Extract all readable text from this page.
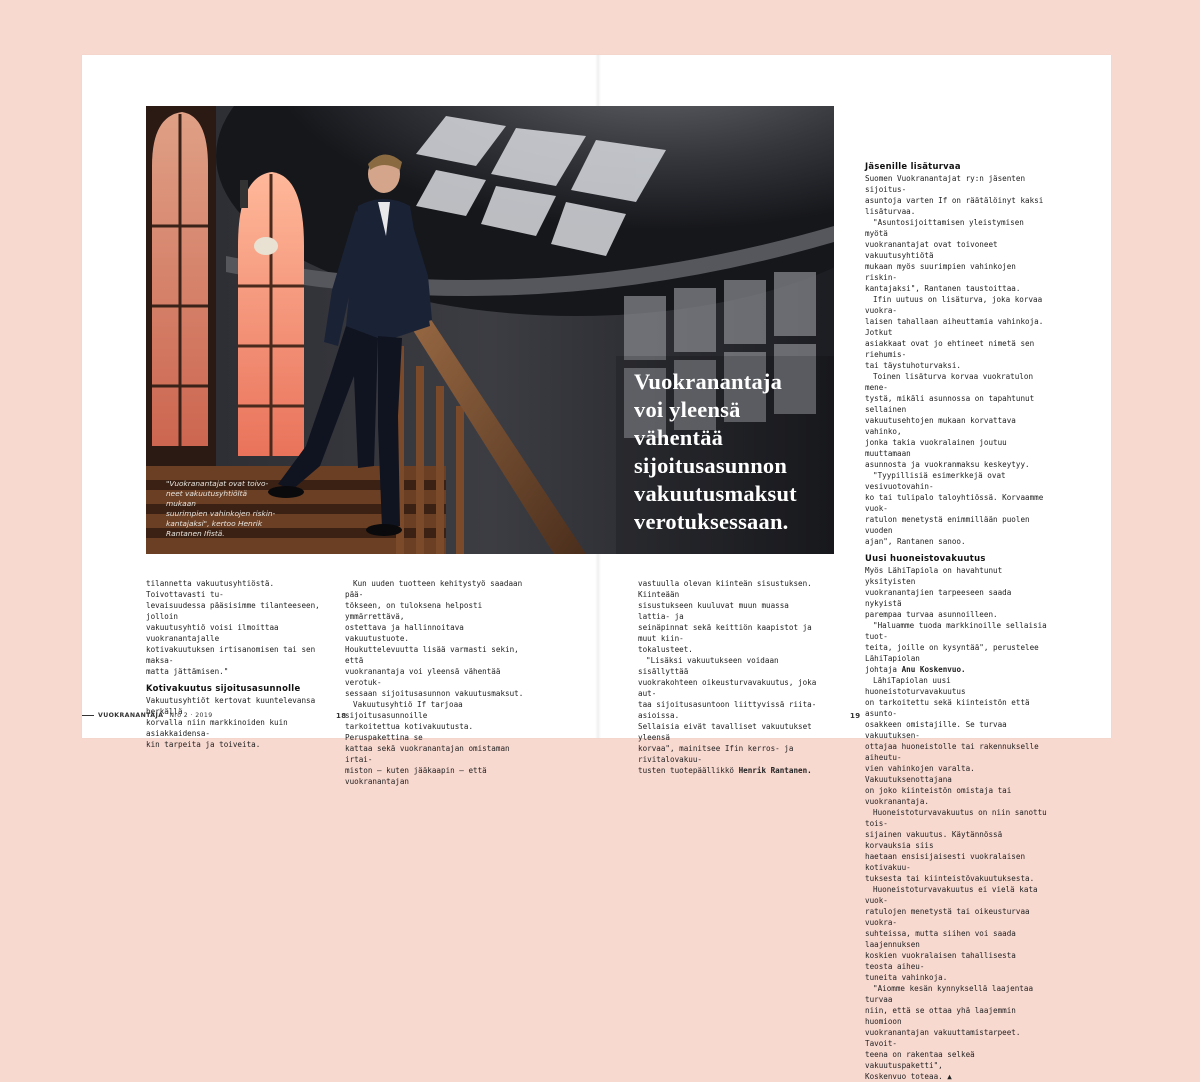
"Vuokranantajat ovat toivo-
neet vakuutusyhtiöltä mukaan
suurimpien vahinkojen riskin-
kantajaksi", kertoo Henrik
Rantanen Ifistä.
Vuokranantaja
voi yleensä
vähentää
sijoitusasunnon
vakuutusmaksut
verotuksessaan.

tilannetta vakuutusyhtiöstä. Toivottavasti tu-
levaisuudessa pääsisimme tilanteeseen, jolloin
vakuutusyhtiö voisi ilmoittaa vuokranantajalle
kotivakuutuksen irtisanomisen tai sen maksa-
matta jättämisen."

Kotivakuutus sijoitusasunnolle

Vakuutusyhtiöt kertovat kuuntelevansa herkällä
korvalla niin markkinoiden kuin asiakkaidensa-
kin tarpeita ja toiveita.

Kun uuden tuotteen kehitystyö saadaan pää-
tökseen, on tuloksena helposti ymmärrettävä,
ostettava ja hallinnoitava vakuutustuote.
Houkuttelevuutta lisää varmasti sekin, että
vuokranantaja voi yleensä vähentää verotuk-
sessaan sijoitusasunnon vakuutusmaksut.

Vakuutusyhtiö If tarjoaa sijoitusasunnoille
tarkoitettua kotivakuutusta. Peruspakettina se
kattaa sekä vuokranantajan omistaman irtai-
miston – kuten jääkaapin – että vuokranantajan

vastuulla olevan kiinteän sisustuksen. Kiinteään
sisustukseen kuuluvat muun muassa lattia- ja
seinäpinnat sekä keittiön kaapistot ja muut kiin-
tokalusteet.

"Lisäksi vakuutukseen voidaan sisällyttää
vuokrakohteen oikeusturvavakuutus, joka aut-
taa sijoitusasuntoon liittyvissä riita-asioissa.
Sellaisia eivät tavalliset vakuutukset yleensä
korvaa", mainitsee Ifin kerros- ja rivitalovakuu-
tusten tuotepäällikkö Henrik Rantanen.

Jäsenille lisäturvaa

Suomen Vuokranantajat ry:n jäsenten sijoitus-
asuntoja varten If on räätälöinyt kaksi lisäturvaa.

"Asuntosijoittamisen yleistymisen myötä
vuokranantajat ovat toivoneet vakuutusyhtiötä
mukaan myös suurimpien vahinkojen riskin-
kantajaksi", Rantanen taustoittaa.

Ifin uutuus on lisäturva, joka korvaa vuokra-
laisen tahallaan aiheuttamia vahinkoja. Jotkut
asiakkaat ovat jo ehtineet nimetä sen riehumis-
tai täystuhoturvaksi.

Toinen lisäturva korvaa vuokratulon mene-
tystä, mikäli asunnossa on tapahtunut sellainen
vakuutusehtojen mukaan korvattava vahinko,
jonka takia vuokralainen joutuu muuttamaan
asunnosta ja vuokranmaksu keskeytyy.

"Tyypillisiä esimerkkejä ovat vesivuotovahin-
ko tai tulipalo taloyhtiössä. Korvaamme vuok-
ratulon menetystä enimmillään puolen vuoden
ajan", Rantanen sanoo.

Uusi huoneistovakuutus

Myös LähiTapiola on havahtunut yksityisten
vuokranantajien tarpeeseen saada nykyistä
parempaa turvaa asunnoilleen.

"Haluamme tuoda markkinoille sellaisia tuot-
teita, joille on kysyntää", perustelee LähiTapiolan
johtaja Anu Koskenvuo.

LähiTapiolan uusi huoneistoturvavakuutus
on tarkoitettu sekä kiinteistön että asunto-
osakkeen omistajille. Se turvaa vakuutuksen-
ottajaa huoneistolle tai rakennukselle aiheutu-
vien vahinkojen varalta. Vakuutuksenottajana
on joko kiinteistön omistaja tai vuokranantaja.

Huoneistoturvavakuutus on niin sanottu tois-
sijainen vakuutus. Käytännössä korvauksia siis
haetaan ensisijaisesti vuokralaisen kotivakuu-
tuksesta tai kiinteistövakuutuksesta.

Huoneistoturvavakuutus ei vielä kata vuok-
ratulojen menetystä tai oikeusturvaa vuokra-
suhteissa, mutta siihen voi saada laajennuksen
koskien vuokralaisen tahallisesta teosta aiheu-
tuneita vahinkoja.

"Aiomme kesän kynnyksellä laajentaa turvaa
niin, että se ottaa yhä laajemmin huomioon
vuokranantajan vakuuttamistarpeet. Tavoit-
teena on rakentaa selkeä vakuutuspaketti",
Koskenvuo toteaa. ▲

VUOKRANANTAJA Nro 2 · 2019	18	19
